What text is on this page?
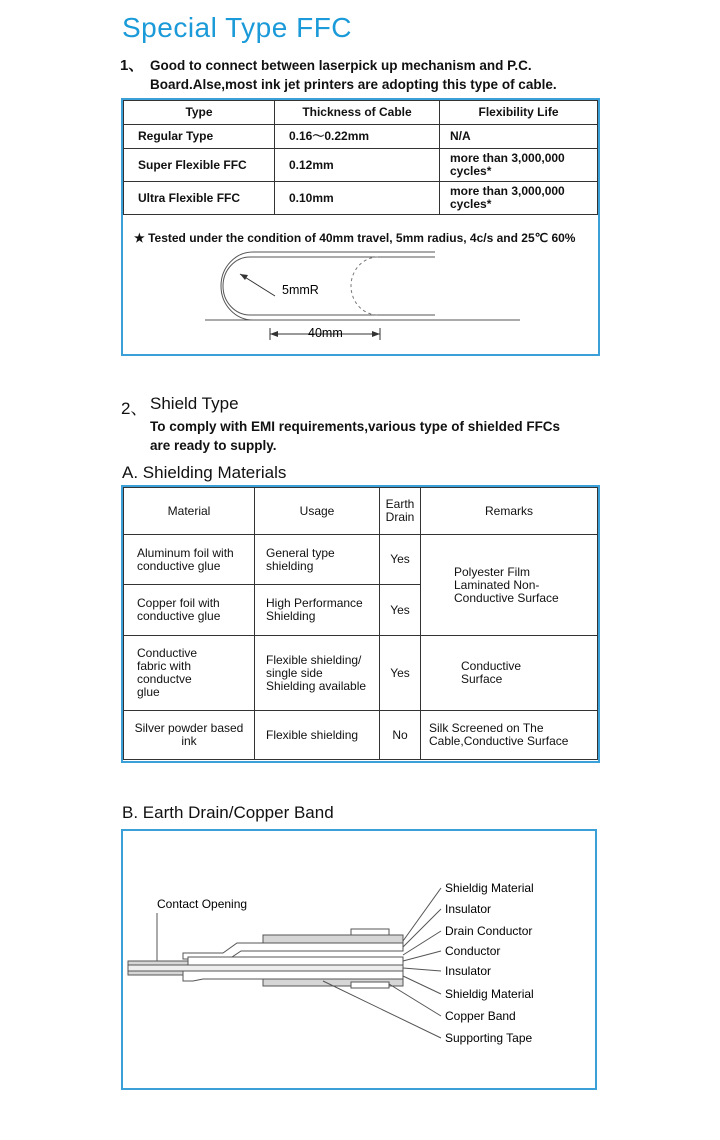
Special Type FFC
1、 Good to connect between laserpick up mechanism and P.C.
Board.Alse,most ink jet printers are adopting this type of cable.
Type	Thickness of Cable	Flexibility Life
Regular Type	0.16～0.22mm	N/A
Super Flexible FFC	0.12mm	more than 3,000,000 cycles*
Ultra Flexible FFC	0.10mm	more than 3,000,000 cycles*
★ Tested under the condition of 40mm travel, 5mm radius, 4c/s and 25℃ 60%
5mmR
40mm
2、 Shield Type
To comply with EMI requirements,various type of shielded FFCs
are ready to supply.
A. Shielding Materials
Material	Usage	Earth Drain	Remarks
Aluminum foil with conductive glue	General type shielding	Yes	Polyester Film Laminated Non-Conductive Surface
Copper foil with conductive glue	High Performance Shielding	Yes	
Conductive fabric with conductve glue	Flexible shielding/ single side Shielding available	Yes	Conductive Surface
Silver powder based ink	Flexible shielding	No	Silk Screened on The Cable,Conductive Surface
B. Earth Drain/Copper Band
Contact Opening
Shieldig Material
Insulator
Drain Conductor
Conductor
Insulator
Shieldig Material
Copper Band
Supporting Tape
